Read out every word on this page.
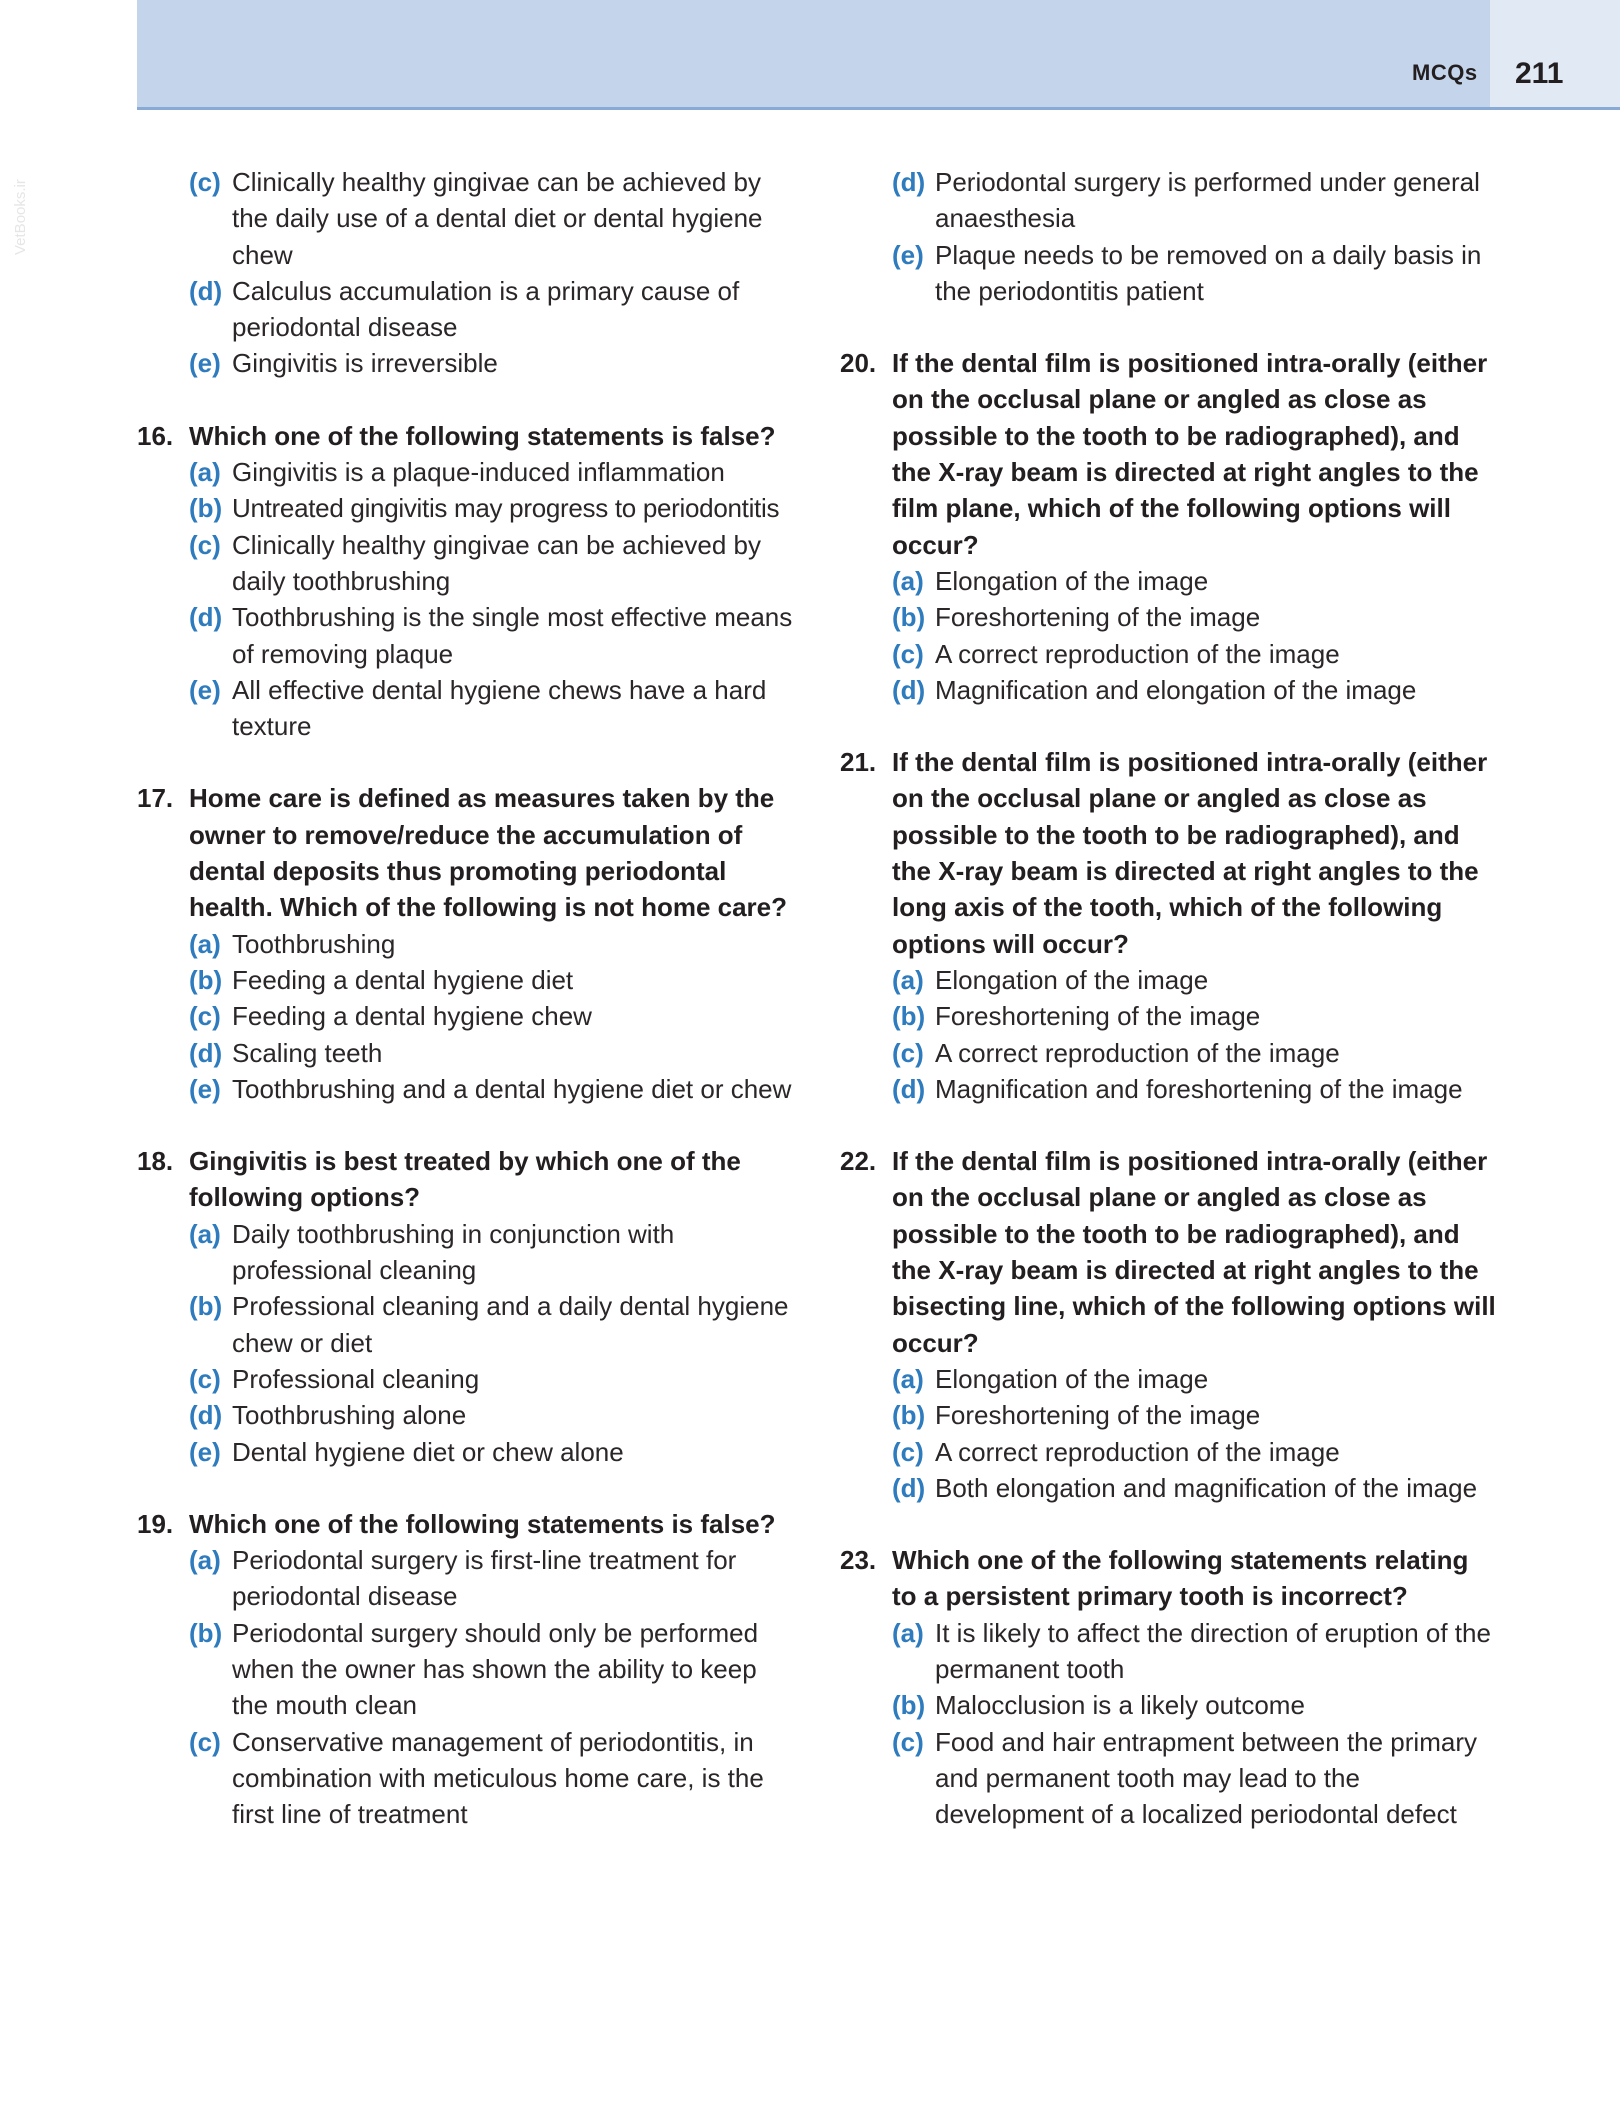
MCQs 211
VetBooks.ir	(c) Clinically healthy gingivae can be achieved by the daily use of a dental diet or dental hygiene chew
(d) Calculus accumulation is a primary cause of periodontal disease
(e) Gingivitis is irreversible
16. Which one of the following statements is false?
(a) Gingivitis is a plaque-induced inflammation
(b) Untreated gingivitis may progress to periodontitis
(c) Clinically healthy gingivae can be achieved by daily toothbrushing
(d) Toothbrushing is the single most effective means of removing plaque
(e) All effective dental hygiene chews have a hard texture
17. Home care is defined as measures taken by the owner to remove/reduce the accumulation of dental deposits thus promoting periodontal health. Which of the following is not home care?
(a) Toothbrushing
(b) Feeding a dental hygiene diet
(c) Feeding a dental hygiene chew
(d) Scaling teeth
(e) Toothbrushing and a dental hygiene diet or chew
18. Gingivitis is best treated by which one of the following options?
(a) Daily toothbrushing in conjunction with professional cleaning
(b) Professional cleaning and a daily dental hygiene chew or diet
(c) Professional cleaning
(d) Toothbrushing alone
(e) Dental hygiene diet or chew alone
19. Which one of the following statements is false?
(a) Periodontal surgery is first-line treatment for periodontal disease
(b) Periodontal surgery should only be performed when the owner has shown the ability to keep the mouth clean
(c) Conservative management of periodontitis, in combination with meticulous home care, is the first line of treatment
(d) Periodontal surgery is performed under general anaesthesia
(e) Plaque needs to be removed on a daily basis in the periodontitis patient
20. If the dental film is positioned intra-orally (either on the occlusal plane or angled as close as possible to the tooth to be radiographed), and the X-ray beam is directed at right angles to the film plane, which of the following options will occur?
(a) Elongation of the image
(b) Foreshortening of the image
(c) A correct reproduction of the image
(d) Magnification and elongation of the image
21. If the dental film is positioned intra-orally (either on the occlusal plane or angled as close as possible to the tooth to be radiographed), and the X-ray beam is directed at right angles to the long axis of the tooth, which of the following options will occur?
(a) Elongation of the image
(b) Foreshortening of the image
(c) A correct reproduction of the image
(d) Magnification and foreshortening of the image
22. If the dental film is positioned intra-orally (either on the occlusal plane or angled as close as possible to the tooth to be radiographed), and the X-ray beam is directed at right angles to the bisecting line, which of the following options will occur?
(a) Elongation of the image
(b) Foreshortening of the image
(c) A correct reproduction of the image
(d) Both elongation and magnification of the image
23. Which one of the following statements relating to a persistent primary tooth is incorrect?
(a) It is likely to affect the direction of eruption of the permanent tooth
(b) Malocclusion is a likely outcome
(c) Food and hair entrapment between the primary and permanent tooth may lead to the development of a localized periodontal defect
